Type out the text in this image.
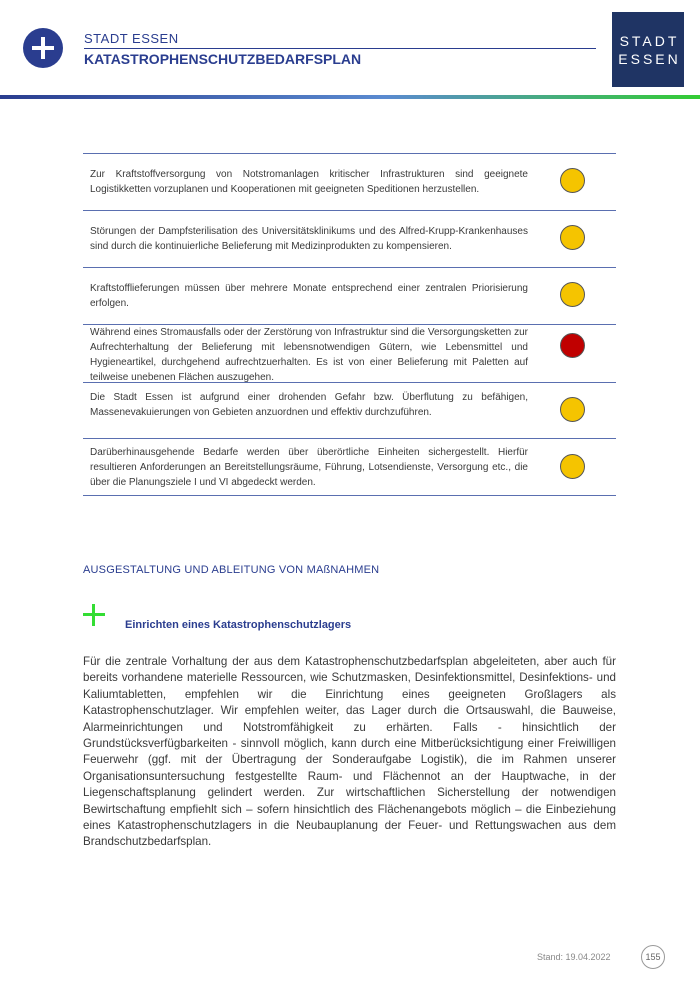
STADT ESSEN
KATASTROPHENSCHUTZBEDARFSPLAN
STADT
ESSEN
Zur Kraftstoffversorgung von Notstromanlagen kritischer Infrastrukturen sind geeignete Logistikketten vorzuplanen und Kooperationen mit geeigneten Speditionen herzustellen.
Störungen der Dampfsterilisation des Universitätsklinikums und des Alfred-Krupp-Krankenhauses sind durch die kontinuierliche Belieferung mit Medizinprodukten zu kompensieren.
Kraftstofflieferungen müssen über mehrere Monate entsprechend einer zentralen Priorisierung erfolgen.
Während eines Stromausfalls oder der Zerstörung von Infrastruktur sind die Versorgungsketten zur Aufrechterhaltung der Belieferung mit lebensnotwendigen Gütern, wie Lebensmittel und Hygieneartikel, durchgehend aufrechtzuerhalten. Es ist von einer Belieferung mit Paletten auf teilweise unebenen Flächen auszugehen.
Die Stadt Essen ist aufgrund einer drohenden Gefahr bzw. Überflutung zu befähigen, Massenevakuierungen von Gebieten anzuordnen und effektiv durchzuführen.
Darüberhinausgehende Bedarfe werden über überörtliche Einheiten sichergestellt. Hierfür resultieren Anforderungen an Bereitstellungsräume, Führung, Lotsendienste, Versorgung etc., die über die Planungsziele I und VI abgedeckt werden.
AUSGESTALTUNG UND ABLEITUNG VON MAßNAHMEN
Einrichten eines Katastrophenschutzlagers
Für die zentrale Vorhaltung der aus dem Katastrophenschutzbedarfsplan abgeleiteten, aber auch für bereits vorhandene materielle Ressourcen, wie Schutzmasken, Desinfektionsmittel, Desinfektions- und Kaliumtabletten, empfehlen wir die Einrichtung eines geeigneten Großlagers als Katastrophenschutzlager. Wir empfehlen weiter, das Lager durch die Ortsauswahl, die Bauweise, Alarmeinrichtungen und Notstromfähigkeit zu erhärten. Falls - hinsichtlich der Grundstücksverfügbarkeiten - sinnvoll möglich, kann durch eine Mitberücksichtigung einer Freiwilligen Feuerwehr (ggf. mit der Übertragung der Sonderaufgabe Logistik), die im Rahmen unserer Organisationsuntersuchung festgestellte Raum- und Flächennot an der Hauptwache, in der Liegenschaftsplanung gelindert werden. Zur wirtschaftlichen Sicherstellung der notwendigen Bewirtschaftung empfiehlt sich – sofern hinsichtlich des Flächenangebots möglich – die Einbeziehung eines Katastrophenschutzlagers in die Neubauplanung der Feuer- und Rettungswachen aus dem Brandschutzbedarfsplan.
Stand: 19.04.2022	155
